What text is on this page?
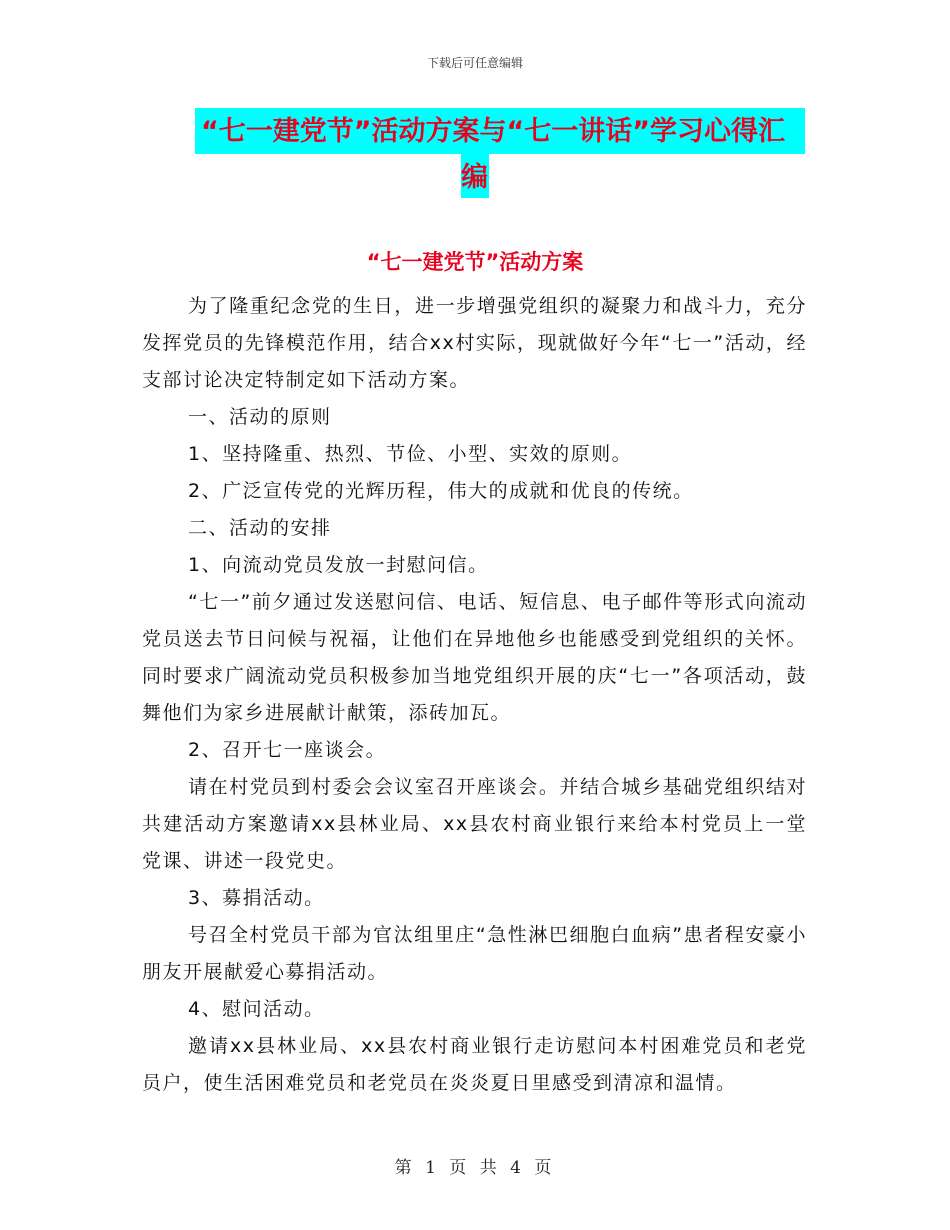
下载后可任意编辑
“七一建党节”活动方案与“七一讲话”学习心得汇
编
“七一建党节”活动方案

为了隆重纪念党的生日，进一步增强党组织的凝聚力和战斗力，充分发挥党员的先锋模范作用，结合xx村实际，现就做好今年“七一”活动，经支部讨论决定特制定如下活动方案。

一、活动的原则

1、坚持隆重、热烈、节俭、小型、实效的原则。

2、广泛宣传党的光辉历程，伟大的成就和优良的传统。

二、活动的安排

1、向流动党员发放一封慰问信。

“七一”前夕通过发送慰问信、电话、短信息、电子邮件等形式向流动党员送去节日问候与祝福，让他们在异地他乡也能感受到党组织的关怀。同时要求广阔流动党员积极参加当地党组织开展的庆“七一”各项活动，鼓舞他们为家乡进展献计献策，添砖加瓦。

2、召开七一座谈会。

请在村党员到村委会会议室召开座谈会。并结合城乡基础党组织结对共建活动方案邀请xx县林业局、xx县农村商业银行来给本村党员上一堂党课、讲述一段党史。

3、募捐活动。

号召全村党员干部为官汰组里庄“急性淋巴细胞白血病”患者程安豪小朋友开展献爱心募捐活动。

4、慰问活动。

邀请xx县林业局、xx县农村商业银行走访慰问本村困难党员和老党员户，使生活困难党员和老党员在炎炎夏日里感受到清凉和温情。

第 1 页 共 4 页
